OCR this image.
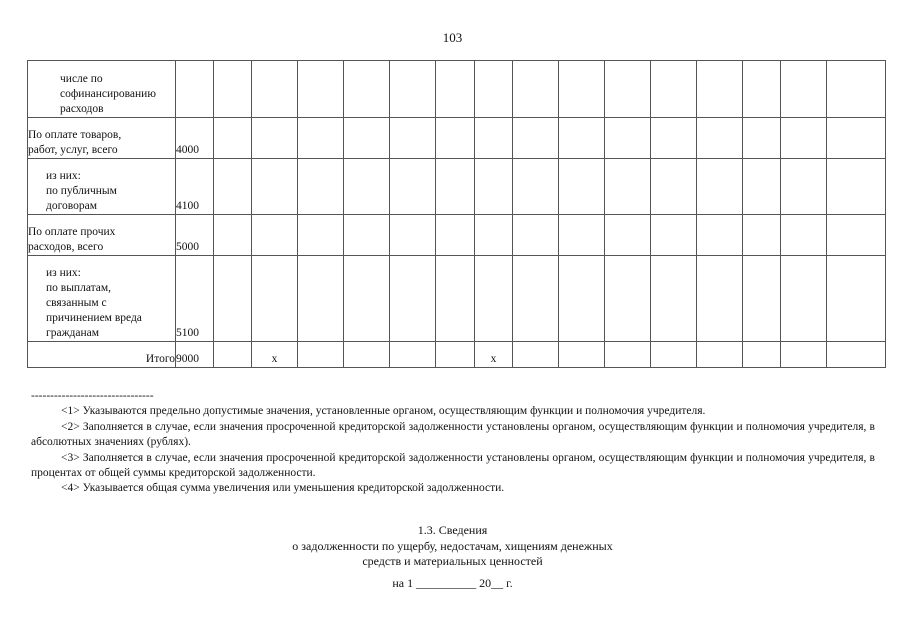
103
числе по
софинансированию
расходов																
По оплате товаров,
работ, услуг, всего	4000															
из них:
по публичным
договорам	4100															
По оплате прочих
расходов, всего	5000															
из них:
по выплатам,
связанным с
причинением вреда
гражданам	5100															
Итого	9000		x					x								
--------------------------------

<1> Указываются предельно допустимые значения, установленные органом, осуществляющим функции и полномочия учредителя.

<2> Заполняется в случае, если значения просроченной кредиторской задолженности установлены органом, осуществляющим функции и полномочия учредителя, в абсолютных значениях (рублях).

<3> Заполняется в случае, если значения просроченной кредиторской задолженности установлены органом, осуществляющим функции и полномочия учредителя, в процентах от общей суммы кредиторской задолженности.

<4> Указывается общая сумма увеличения или уменьшения кредиторской задолженности.

1.3. Сведения
о задолженности по ущербу, недостачам, хищениям денежных
средств и материальных ценностей
на 1 __________ 20__ г.
